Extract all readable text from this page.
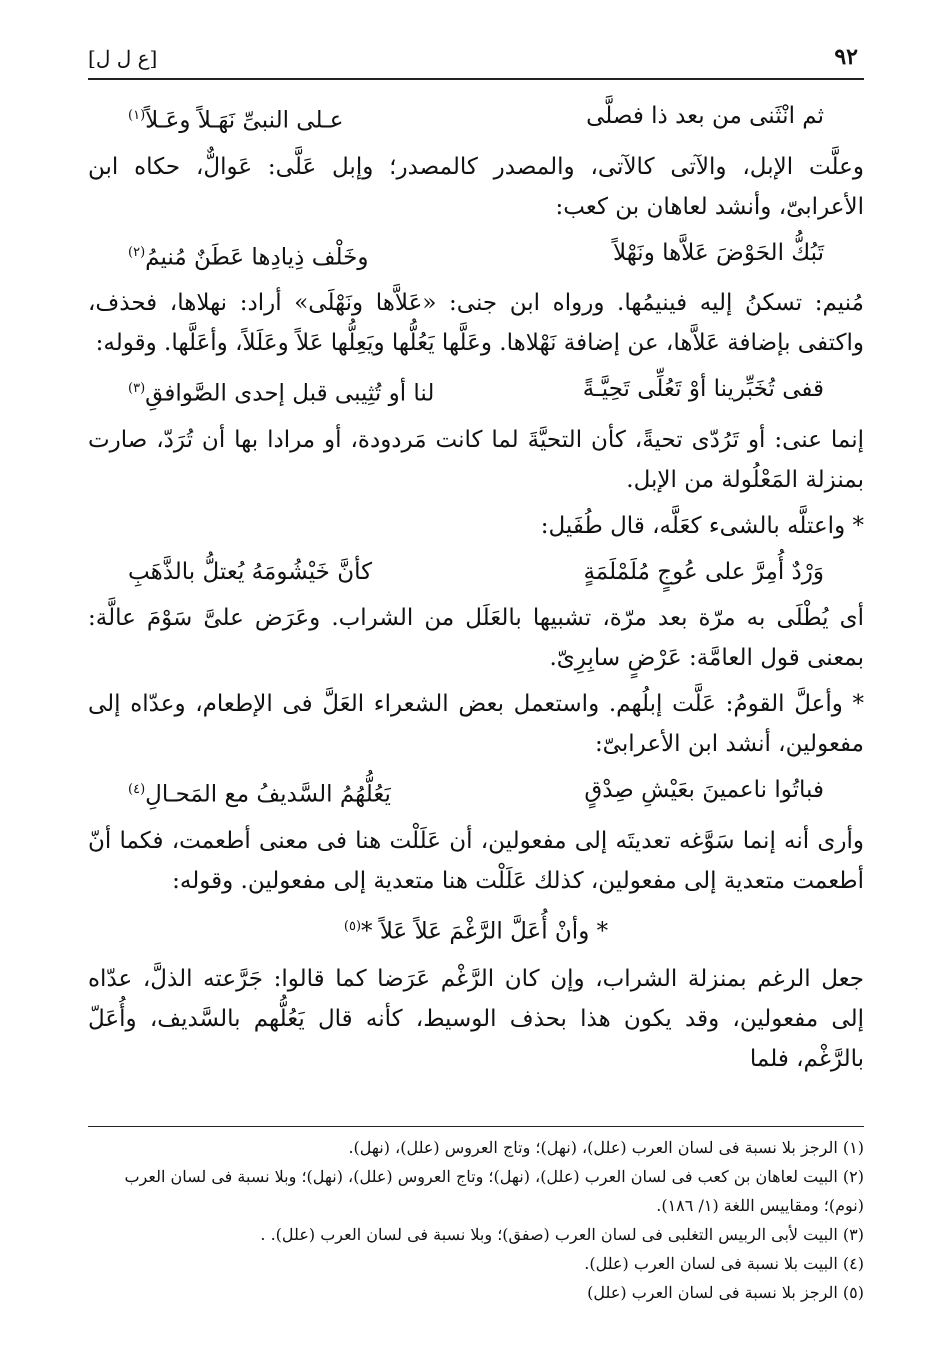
٩٢
[ع ل ل]
ثم انْثَنى من بعد ذا فصلَّى
عـلى النبىِّ نَهَـلاً وعَـلاً$^{(١)}$

وعلَّت الإبل، والآتى كالآتى، والمصدر كالمصدر؛ وإبل عَلَّى: عَوالٌّ، حكاه ابن الأعرابىّ، وأنشد لعاهان بن كعب:

تَبُكُّ الحَوْضَ عَلاَّها ونَهْلاً
وخَلْف ذِيادِها عَطَنٌ مُنيمُ$^{(٢)}$

مُنيم: تسكنُ إليه فينيمُها. ورواه ابن جنى: «عَلاَّها ونَهْلَى» أراد: نهلاها، فحذف، واكتفى بإضافة عَلاَّها، عن إضافة نَهْلاها. وعَلَّها يَعُلُّها ويَعِلُّها عَلاً وعَلَلاً، وأعَلَّها. وقوله:

قفى تُخَبِّرينا أوْ تَعُلِّى تَحِيَّـةً
لنا أو تُثِيبى قبل إحدى الصَّوافقِ$^{(٣)}$

إنما عنى: أو تَرُدّى تحيةً، كأن التحيَّةَ لما كانت مَردودة، أو مرادا بها أن تُرَدّ، صارت بمنزلة المَعْلُولة من الإبل.

* واعتلَّه بالشىء كعَلَّه، قال طُفَيل:

وَرْدٌ أُمِرَّ على عُوجٍ مُلَمْلَمَةٍ
كأنَّ خَيْشُومَهُ يُعتلُّ بالذَّهَبِ

أى يُطْلَى به مرّة بعد مرّة، تشبيها بالعَلَل من الشراب. وعَرَض علىَّ سَوْمَ عالَّة: بمعنى قول العامَّة: عَرْضٍ سابِرِىّ.

* وأعلَّ القومُ: عَلَّت إبلُهم. واستعمل بعض الشعراء العَلَّ فى الإطعام، وعدّاه إلى مفعولين، أنشد ابن الأعرابىّ:

فباتُوا ناعمينَ بعَيْشِ صِدْقٍ
يَعُلُّهُمُ السَّديفُ مع المَحـالِ$^{(٤)}$

وأرى أنه إنما سَوَّغه تعديتَه إلى مفعولين، أن عَلَلْت هنا فى معنى أطعمت، فكما أنّ أطعمت متعدية إلى مفعولين، كذلك عَلَلْت هنا متعدية إلى مفعولين. وقوله:

* وأنْ أُعَلَّ الرَّغْمَ عَلاً عَلاً *$^{(٥)}$

جعل الرغم بمنزلة الشراب، وإن كان الرَّغْم عَرَضا كما قالوا: جَرَّعته الذلَّ، عدّاه إلى مفعولين، وقد يكون هذا بحذف الوسيط، كأنه قال يَعُلُّهم بالسَّديف، وأُعَلّ بالرَّغْم، فلما

(١) الرجز بلا نسبة فى لسان العرب (علل)، (نهل)؛ وتاج العروس (علل)، (نهل).

(٢) البيت لعاهان بن كعب فى لسان العرب (علل)، (نهل)؛ وتاج العروس (علل)، (نهل)؛ وبلا نسبة فى لسان العرب (نوم)؛ ومقاييس اللغة (١/ ١٨٦).

(٣) البيت لأبى الربيس التغلبى فى لسان العرب (صفق)؛ وبلا نسبة فى لسان العرب (علل). .

(٤) البيت بلا نسبة فى لسان العرب (علل).

(٥) الرجز بلا نسبة فى لسان العرب (علل)
